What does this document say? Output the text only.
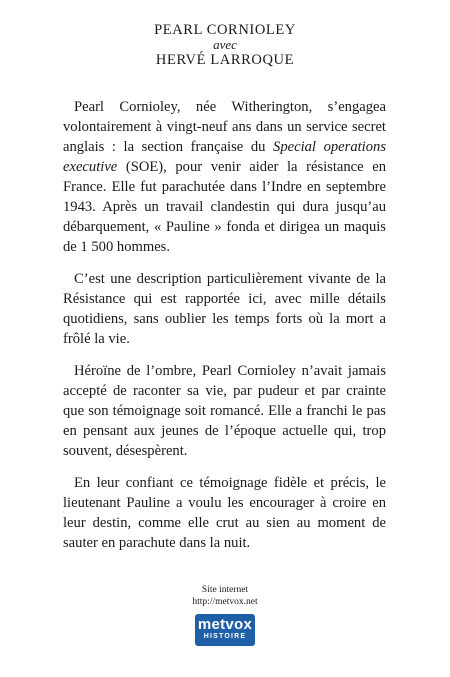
PEARL CORNIOLEY
avec
HERVÉ LARROQUE

Pearl Cornioley, née Witherington, s’engagea volontairement à vingt-neuf ans dans un service secret anglais : la section française du Special operations executive (SOE), pour venir aider la résistance en France. Elle fut parachutée dans l’Indre en septembre 1943. Après un travail clandestin qui dura jusqu’au débarquement, « Pauline » fonda et dirigea un maquis de 1 500 hommes.

C’est une description particulièrement vivante de la Résistance qui est rapportée ici, avec mille détails quotidiens, sans oublier les temps forts où la mort a frôlé la vie.

Héroïne de l’ombre, Pearl Cornioley n’avait jamais accepté de raconter sa vie, par pudeur et par crainte que son témoignage soit romancé. Elle a franchi le pas en pensant aux jeunes de l’époque actuelle qui, trop souvent, désespèrent.

En leur confiant ce témoignage fidèle et précis, le lieutenant Pauline a voulu les encourager à croire en leur destin, comme elle crut au sien au moment de sauter en parachute dans la nuit.

Site internet
http://metvox.net
metvox
HISTOIRE
